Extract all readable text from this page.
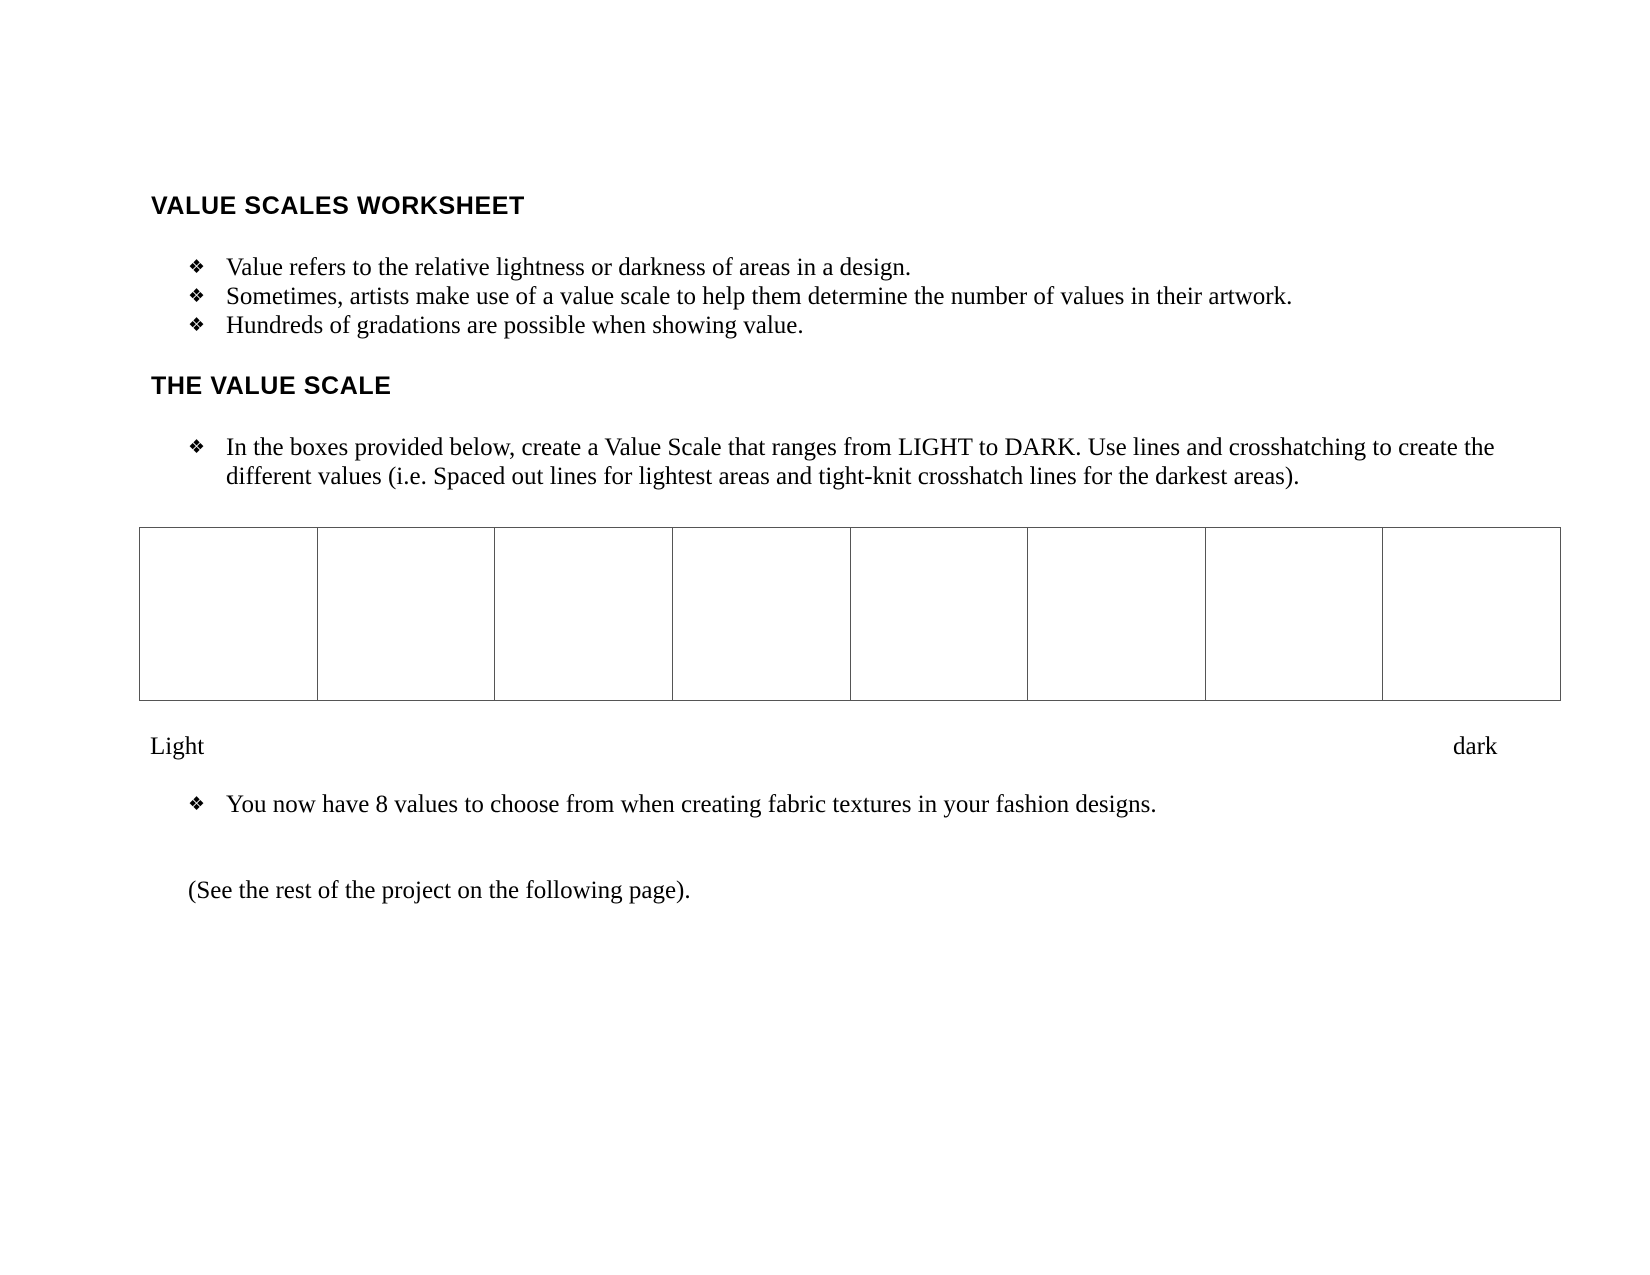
VALUE SCALES WORKSHEET
❖ Value refers to the relative lightness or darkness of areas in a design.
❖ Sometimes, artists make use of a value scale to help them determine the number of values in their artwork.
❖ Hundreds of gradations are possible when showing value.
THE VALUE SCALE
❖ In the boxes provided below, create a Value Scale that ranges from LIGHT to DARK. Use lines and crosshatching to create the different values (i.e. Spaced out lines for lightest areas and tight-knit crosshatch lines for the darkest areas).
Light	dark
❖ You now have 8 values to choose from when creating fabric textures in your fashion designs.
(See the rest of the project on the following page).
